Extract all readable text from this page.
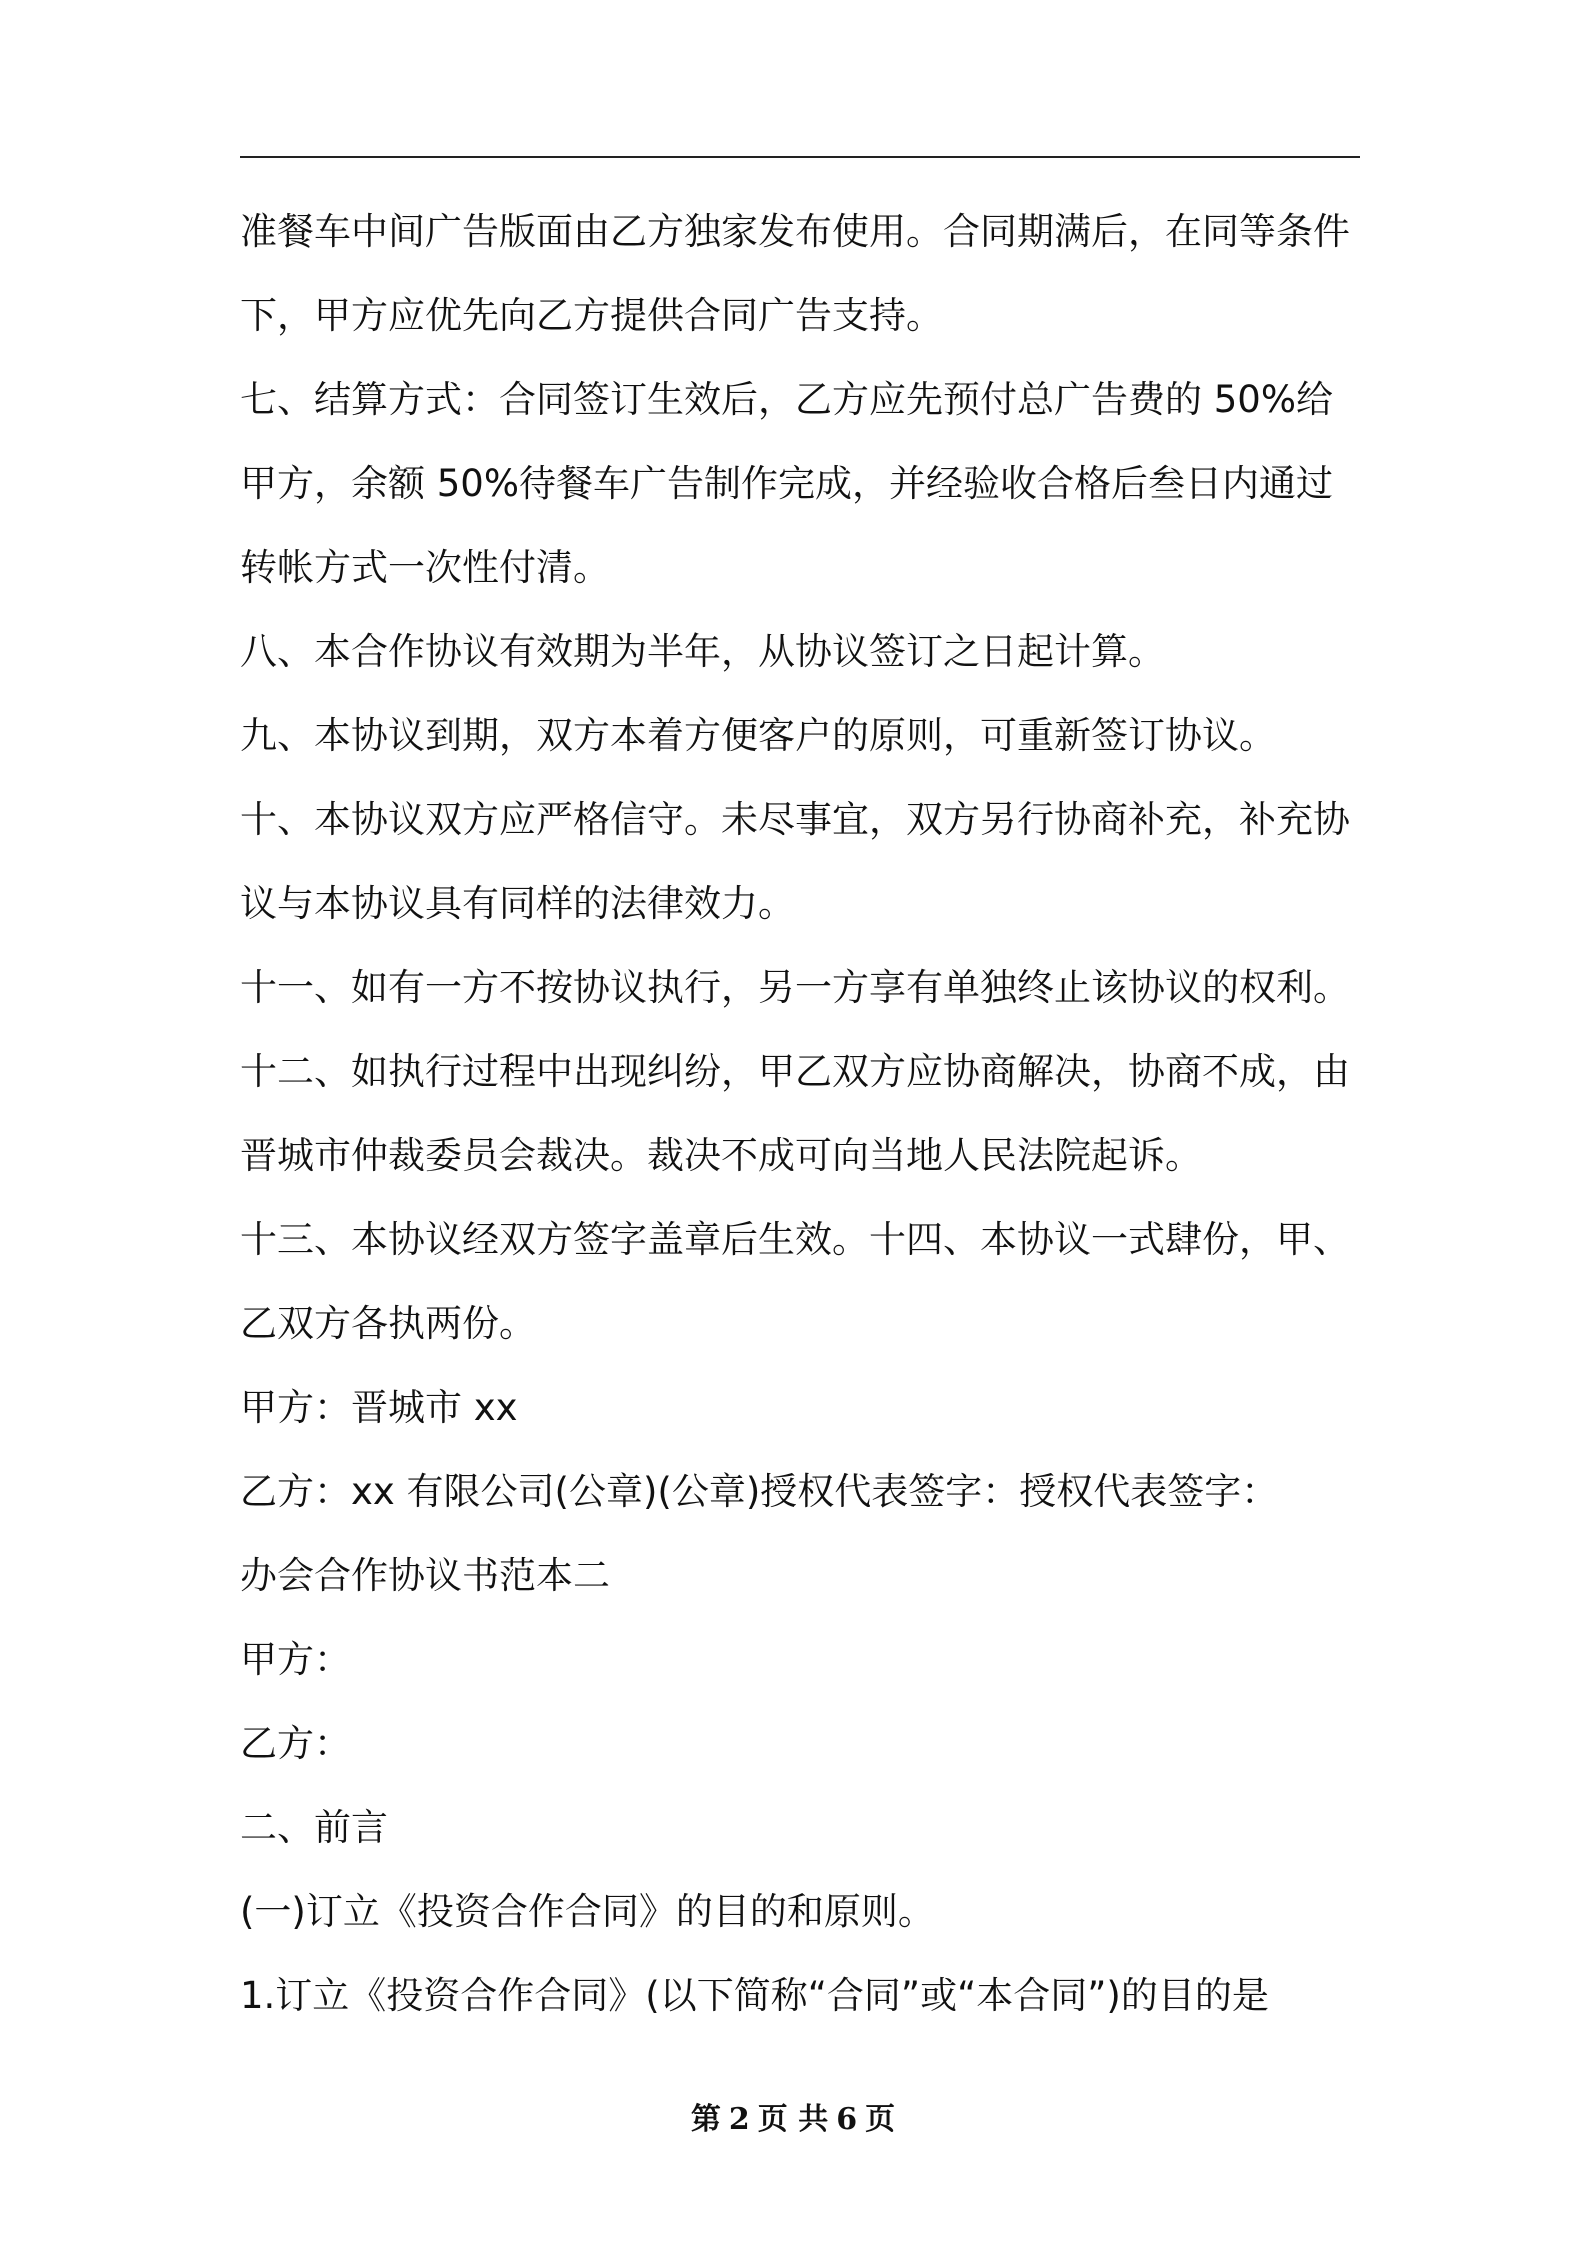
准餐车中间广告版面由乙方独家发布使用。合同期满后，在同等条件
下，甲方应优先向乙方提供合同广告支持。
七、结算方式：合同签订生效后，乙方应先预付总广告费的 50%给
甲方，余额 50%待餐车广告制作完成，并经验收合格后叁日内通过
转帐方式一次性付清。
八、本合作协议有效期为半年，从协议签订之日起计算。
九、本协议到期，双方本着方便客户的原则，可重新签订协议。
十、本协议双方应严格信守。未尽事宜，双方另行协商补充，补充协
议与本协议具有同样的法律效力。
十一、如有一方不按协议执行，另一方享有单独终止该协议的权利。
十二、如执行过程中出现纠纷，甲乙双方应协商解决，协商不成，由
晋城市仲裁委员会裁决。裁决不成可向当地人民法院起诉。
十三、本协议经双方签字盖章后生效。十四、本协议一式肆份，甲、
乙双方各执两份。
甲方：晋城市 xx
乙方：xx 有限公司(公章)(公章)授权代表签字：授权代表签字：
办会合作协议书范本二
甲方：
乙方：
二、前言
(一)订立《投资合作合同》的目的和原则。
1.订立《投资合作合同》(以下简称“合同”或“本合同”)的目的是
第 2 页 共 6 页
